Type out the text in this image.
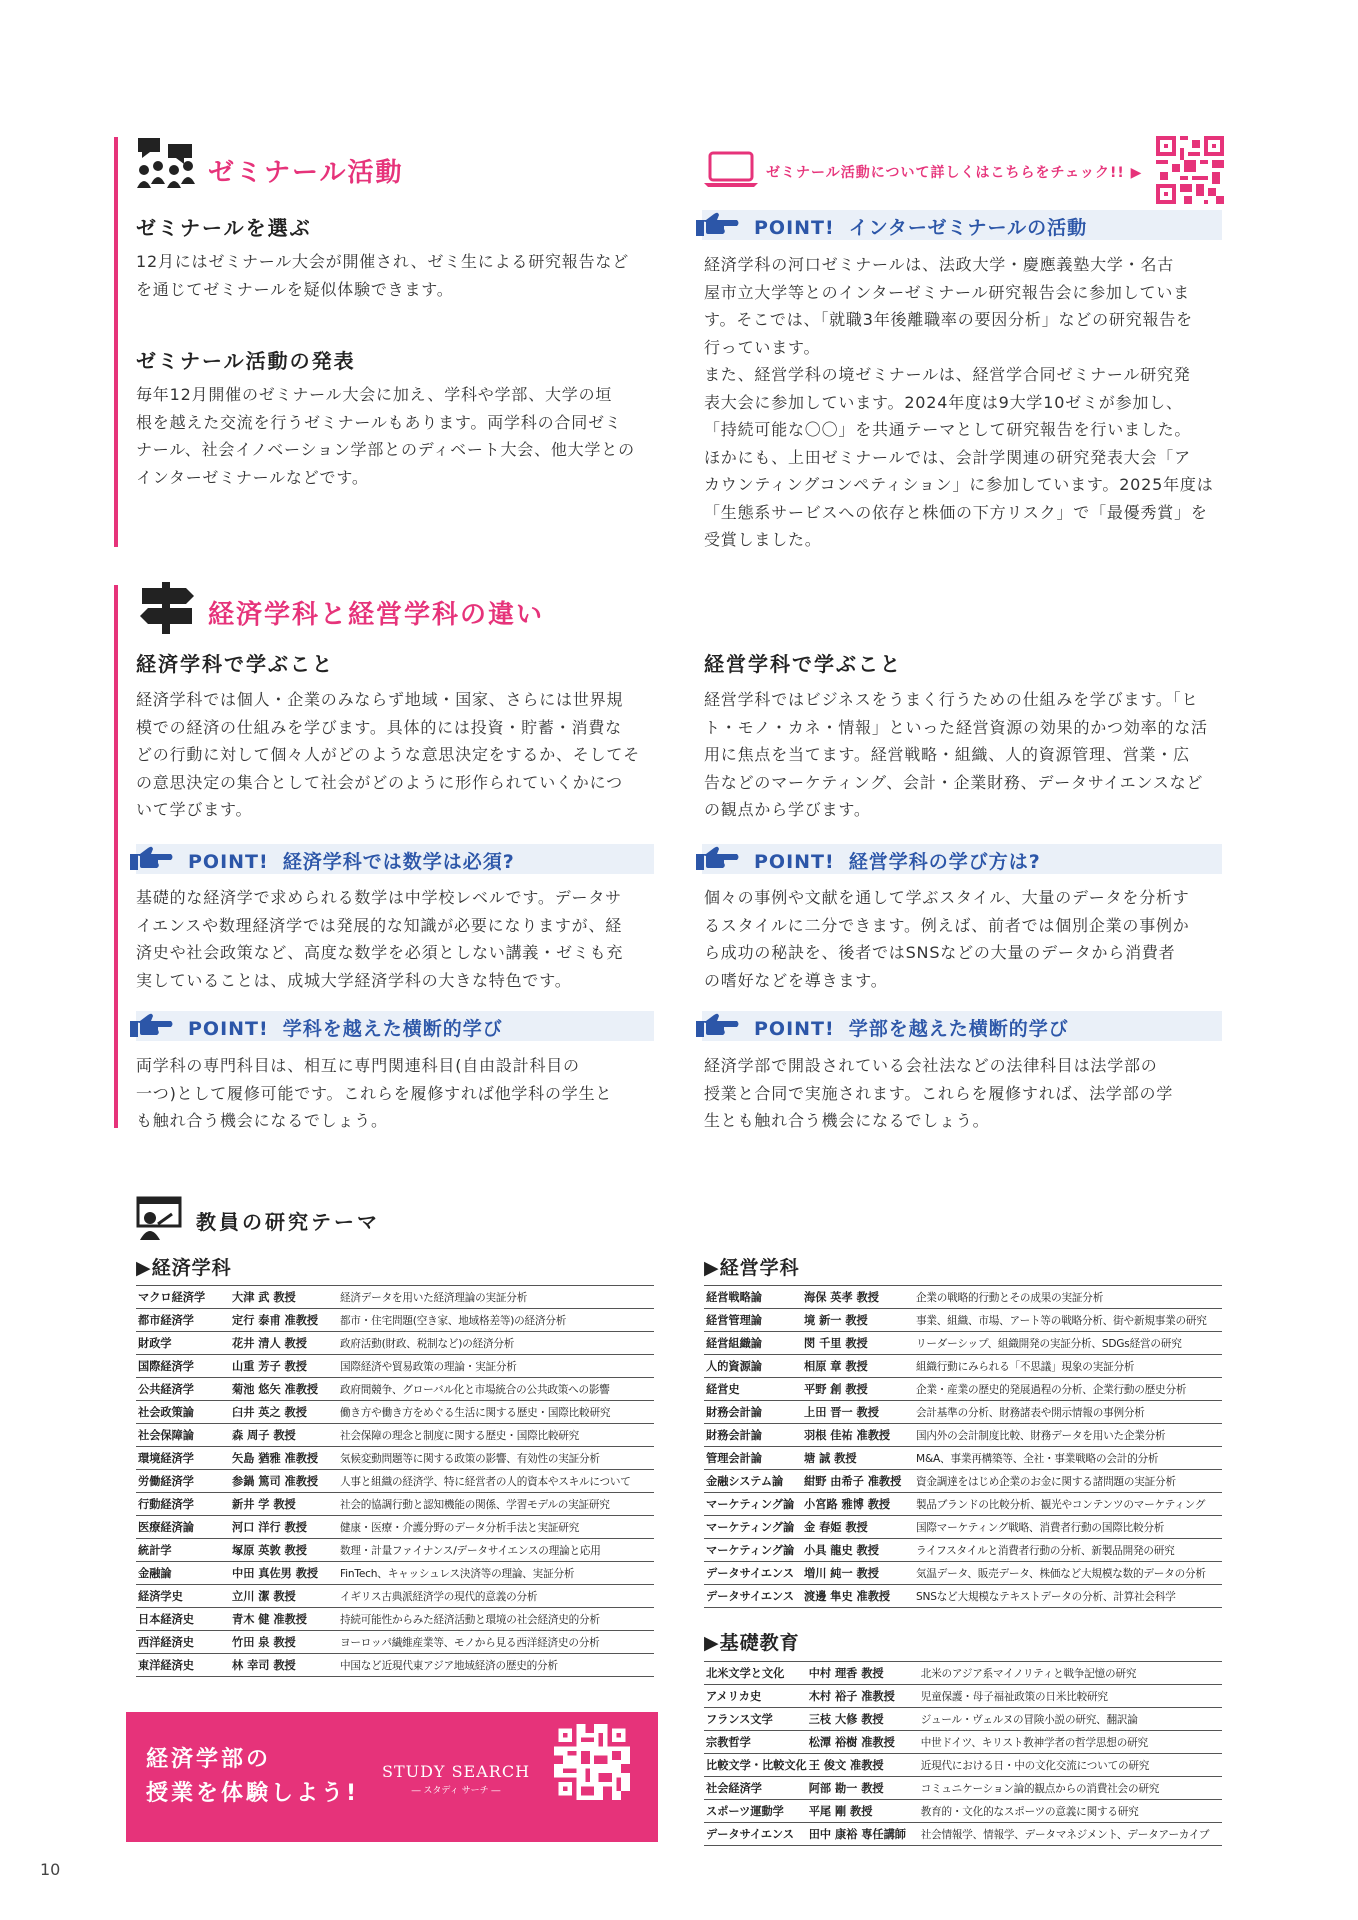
ゼミナール活動
ゼミナールを選ぶ
12月にはゼミナール大会が開催され、ゼミ生による研究報告など
を通じてゼミナールを疑似体験できます。
ゼミナール活動の発表
毎年12月開催のゼミナール大会に加え、学科や学部、大学の垣
根を越えた交流を行うゼミナールもあります。両学科の合同ゼミ
ナール、社会イノベーション学部とのディベート大会、他大学との
インターゼミナールなどです。
ゼミナール活動について詳しくはこちらをチェック!! ▶
POINT! インターゼミナールの活動
経済学科の河口ゼミナールは、法政大学・慶應義塾大学・名古
屋市立大学等とのインターゼミナール研究報告会に参加していま
す。そこでは、「就職3年後離職率の要因分析」などの研究報告を
行っています。
また、経営学科の境ゼミナールは、経営学合同ゼミナール研究発
表大会に参加しています。2024年度は9大学10ゼミが参加し、
「持続可能な〇〇」を共通テーマとして研究報告を行いました。
ほかにも、上田ゼミナールでは、会計学関連の研究発表大会「ア
カウンティングコンペティション」に参加しています。2025年度は
「生態系サービスへの依存と株価の下方リスク」で「最優秀賞」を
受賞しました。
経済学科と経営学科の違い
経済学科で学ぶこと
経済学科では個人・企業のみならず地域・国家、さらには世界規
模での経済の仕組みを学びます。具体的には投資・貯蓄・消費な
どの行動に対して個々人がどのような意思決定をするか、そしてそ
の意思決定の集合として社会がどのように形作られていくかにつ
いて学びます。
POINT! 経済学科では数学は必須?
基礎的な経済学で求められる数学は中学校レベルです。データサ
イエンスや数理経済学では発展的な知識が必要になりますが、経
済史や社会政策など、高度な数学を必須としない講義・ゼミも充
実していることは、成城大学経済学科の大きな特色です。
POINT! 学科を越えた横断的学び
両学科の専門科目は、相互に専門関連科目(自由設計科目の
一つ)として履修可能です。これらを履修すれば他学科の学生と
も触れ合う機会になるでしょう。
経営学科で学ぶこと
経営学科ではビジネスをうまく行うための仕組みを学びます。「ヒ
ト・モノ・カネ・情報」といった経営資源の効果的かつ効率的な活
用に焦点を当てます。経営戦略・組織、人的資源管理、営業・広
告などのマーケティング、会計・企業財務、データサイエンスなど
の観点から学びます。
POINT! 経営学科の学び方は?
個々の事例や文献を通して学ぶスタイル、大量のデータを分析す
るスタイルに二分できます。例えば、前者では個別企業の事例か
ら成功の秘訣を、後者ではSNSなどの大量のデータから消費者
の嗜好などを導きます。
POINT! 学部を越えた横断的学び
経済学部で開設されている会社法などの法律科目は法学部の
授業と合同で実施されます。これらを履修すれば、法学部の学
生とも触れ合う機会になるでしょう。
教員の研究テーマ
▶経済学科
マクロ経済学	大津 武 教授	経済データを用いた経済理論の実証分析
都市経済学	定行 泰甫 准教授	都市・住宅問題(空き家、地域格差等)の経済分析
財政学	花井 清人 教授	政府活動(財政、税制など)の経済分析
国際経済学	山重 芳子 教授	国際経済や貿易政策の理論・実証分析
公共経済学	菊池 悠矢 准教授	政府間競争、グローバル化と市場統合の公共政策への影響
社会政策論	臼井 英之 教授	働き方や働き方をめぐる生活に関する歴史・国際比較研究
社会保障論	森 周子 教授	社会保障の理念と制度に関する歴史・国際比較研究
環境経済学	矢島 猶雅 准教授	気候変動問題等に関する政策の影響、有効性の実証分析
労働経済学	参鍋 篤司 准教授	人事と組織の経済学、特に経営者の人的資本やスキルについて
行動経済学	新井 学 教授	社会的協調行動と認知機能の関係、学習モデルの実証研究
医療経済論	河口 洋行 教授	健康・医療・介護分野のデータ分析手法と実証研究
統計学	塚原 英敦 教授	数理・計量ファイナンス/データサイエンスの理論と応用
金融論	中田 真佐男 教授	FinTech、キャッシュレス決済等の理論、実証分析
経済学史	立川 潔 教授	イギリス古典派経済学の現代的意義の分析
日本経済史	青木 健 准教授	持続可能性からみた経済活動と環境の社会経済史的分析
西洋経済史	竹田 泉 教授	ヨーロッパ繊維産業等、モノから見る西洋経済史の分析
東洋経済史	林 幸司 教授	中国など近現代東アジア地域経済の歴史的分析
▶経営学科
経営戦略論	海保 英孝 教授	企業の戦略的行動とその成果の実証分析
経営管理論	境 新一 教授	事業、組織、市場、アート等の戦略分析、街や新規事業の研究
経営組織論	閔 千里 教授	リーダーシップ、組織開発の実証分析、SDGs経営の研究
人的資源論	相原 章 教授	組織行動にみられる「不思議」現象の実証分析
経営史	平野 創 教授	企業・産業の歴史的発展過程の分析、企業行動の歴史分析
財務会計論	上田 晋一 教授	会計基準の分析、財務諸表や開示情報の事例分析
財務会計論	羽根 佳祐 准教授	国内外の会計制度比較、財務データを用いた企業分析
管理会計論	塘 誠 教授	M&A、事業再構築等、全社・事業戦略の会計的分析
金融システム論	紺野 由希子 准教授	資金調達をはじめ企業のお金に関する諸問題の実証分析
マーケティング論	小宮路 雅博 教授	製品ブランドの比較分析、観光やコンテンツのマーケティング
マーケティング論	金 春姫 教授	国際マーケティング戦略、消費者行動の国際比較分析
マーケティング論	小具 龍史 教授	ライフスタイルと消費者行動の分析、新製品開発の研究
データサイエンス	増川 純一 教授	気温データ、販売データ、株価など大規模な数的データの分析
データサイエンス	渡邊 隼史 准教授	SNSなど大規模なテキストデータの分析、計算社会科学
▶基礎教育
北米文学と文化	中村 理香 教授	北米のアジア系マイノリティと戦争記憶の研究
アメリカ史	木村 裕子 准教授	児童保護・母子福祉政策の日米比較研究
フランス文学	三枝 大修 教授	ジュール・ヴェルヌの冒険小説の研究、翻訳論
宗教哲学	松潭 裕樹 准教授	中世ドイツ、キリスト教神学者の哲学思想の研究
比較文学・比較文化	王 俊文 准教授	近現代における日・中の文化交流についての研究
社会経済学	阿部 勘一 教授	コミュニケーション論的観点からの消費社会の研究
スポーツ運動学	平尾 剛 教授	教育的・文化的なスポーツの意義に関する研究
データサイエンス	田中 康裕 専任講師	社会情報学、情報学、データマネジメント、データアーカイブ
経済学部の
授業を体験しよう!
STUDY SEARCH
― スタディ サーチ ―
10
